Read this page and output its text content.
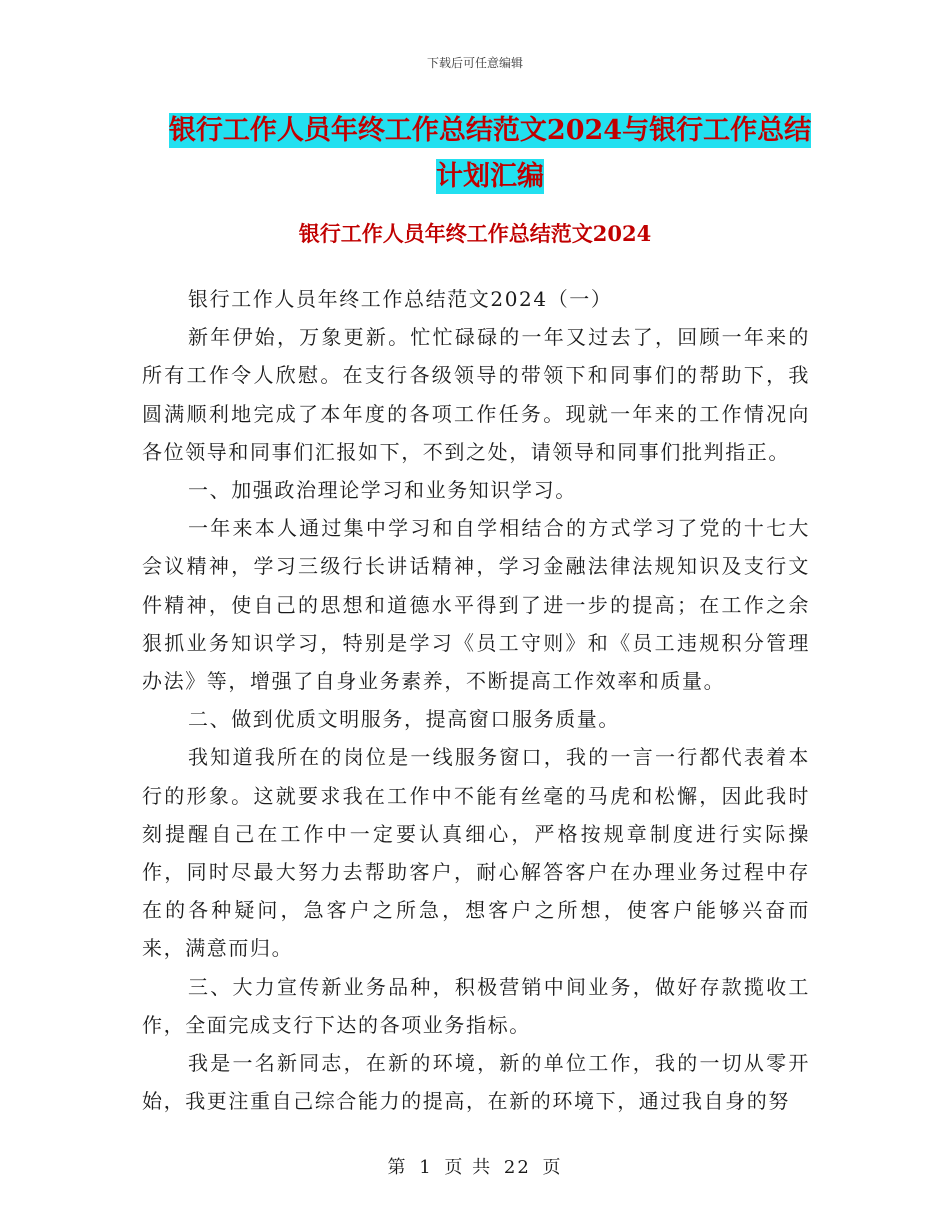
下载后可任意编辑
银行工作人员年终工作总结范文2024与银行工作总结
计划汇编
银行工作人员年终工作总结范文2024

银行工作人员年终工作总结范文2024（一）

新年伊始，万象更新。忙忙碌碌的一年又过去了，回顾一年来的所有工作令人欣慰。在支行各级领导的带领下和同事们的帮助下，我圆满顺利地完成了本年度的各项工作任务。现就一年来的工作情况向各位领导和同事们汇报如下，不到之处，请领导和同事们批判指正。

一、加强政治理论学习和业务知识学习。

一年来本人通过集中学习和自学相结合的方式学习了党的十七大会议精神，学习三级行长讲话精神，学习金融法律法规知识及支行文件精神，使自己的思想和道德水平得到了进一步的提高；在工作之余狠抓业务知识学习，特别是学习《员工守则》和《员工违规积分管理办法》等，增强了自身业务素养，不断提高工作效率和质量。

二、做到优质文明服务，提高窗口服务质量。

我知道我所在的岗位是一线服务窗口，我的一言一行都代表着本行的形象。这就要求我在工作中不能有丝毫的马虎和松懈，因此我时刻提醒自己在工作中一定要认真细心，严格按规章制度进行实际操作，同时尽最大努力去帮助客户，耐心解答客户在办理业务过程中存在的各种疑问，急客户之所急，想客户之所想，使客户能够兴奋而来，满意而归。

三、大力宣传新业务品种，积极营销中间业务，做好存款揽收工作，全面完成支行下达的各项业务指标。

我是一名新同志，在新的环境，新的单位工作，我的一切从零开始，我更注重自己综合能力的提高，在新的环境下，通过我自身的努

第 1 页 共 22 页
